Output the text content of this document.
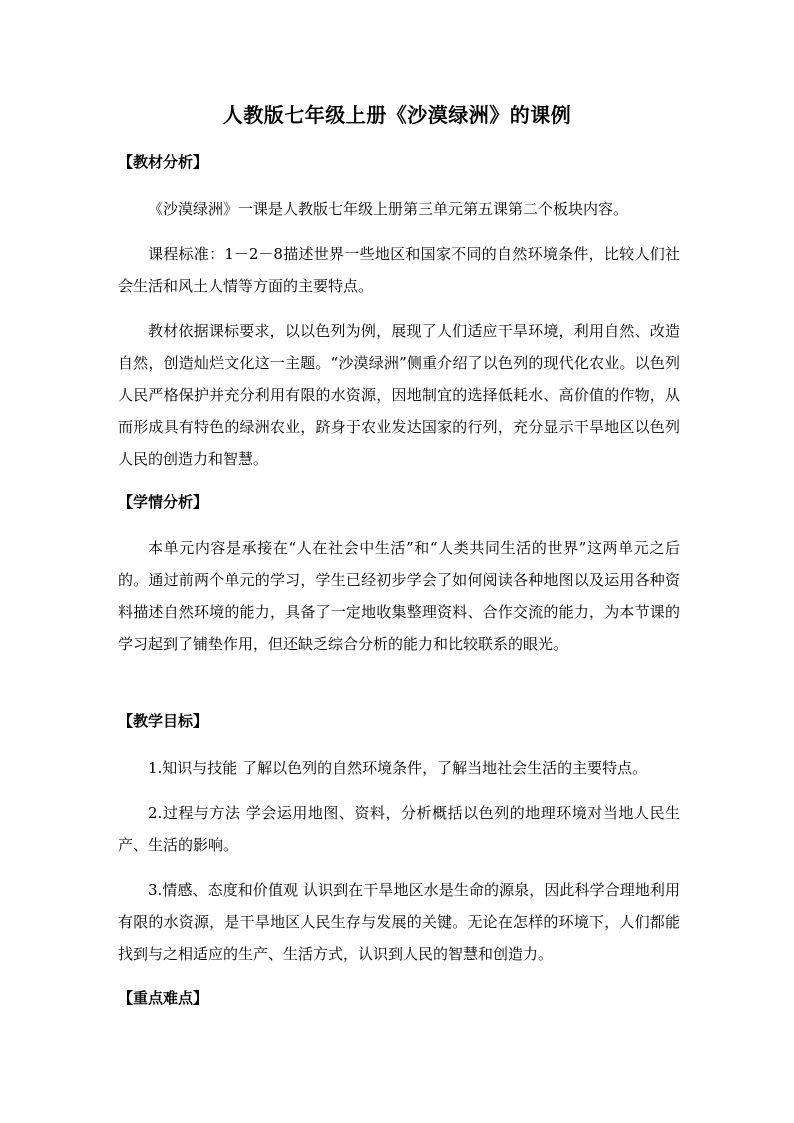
人教版七年级上册《沙漠绿洲》的课例
【教材分析】

《沙漠绿洲》一课是人教版七年级上册第三单元第五课第二个板块内容。

课程标准：1－2－8描述世界一些地区和国家不同的自然环境条件，比较人们社会生活和风土人情等方面的主要特点。

教材依据课标要求，以以色列为例，展现了人们适应干旱环境，利用自然、改造自然，创造灿烂文化这一主题。“沙漠绿洲”侧重介绍了以色列的现代化农业。以色列人民严格保护并充分利用有限的水资源，因地制宜的选择低耗水、高价值的作物，从而形成具有特色的绿洲农业，跻身于农业发达国家的行列，充分显示干旱地区以色列人民的创造力和智慧。

【学情分析】

本单元内容是承接在“人在社会中生活”和“人类共同生活的世界”这两单元之后的。通过前两个单元的学习，学生已经初步学会了如何阅读各种地图以及运用各种资料描述自然环境的能力，具备了一定地收集整理资料、合作交流的能力，为本节课的学习起到了铺垫作用，但还缺乏综合分析的能力和比较联系的眼光。

【教学目标】

1.知识与技能 了解以色列的自然环境条件，了解当地社会生活的主要特点。

2.过程与方法 学会运用地图、资料，分析概括以色列的地理环境对当地人民生产、生活的影响。

3.情感、态度和价值观 认识到在干旱地区水是生命的源泉，因此科学合理地利用有限的水资源，是干旱地区人民生存与发展的关键。无论在怎样的环境下，人们都能找到与之相适应的生产、生活方式，认识到人民的智慧和创造力。

【重点难点】
